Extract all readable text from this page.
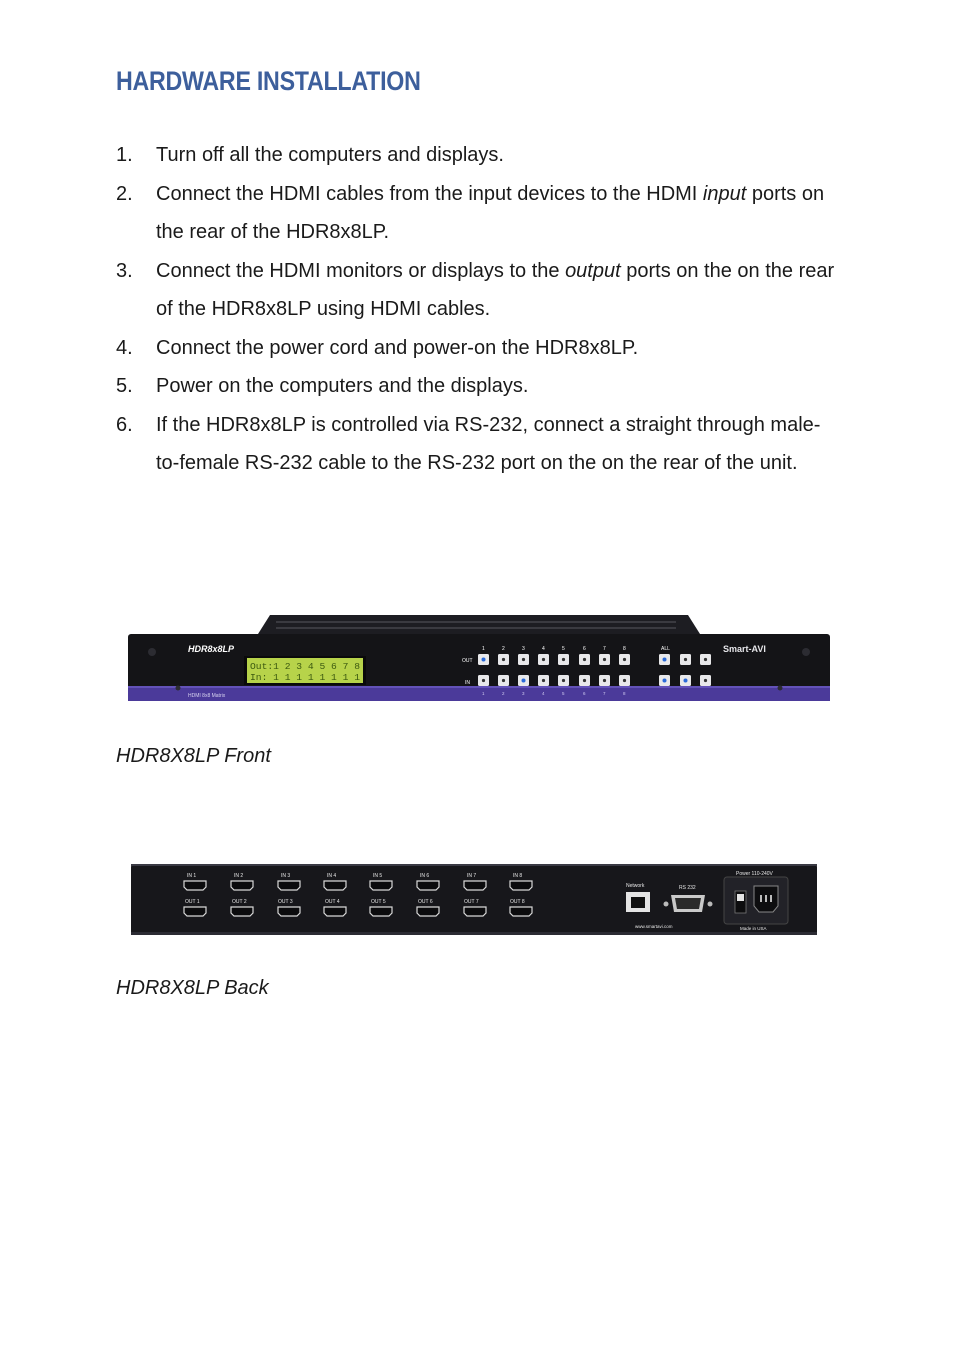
HARDWARE INSTALLATION
1. Turn off all the computers and displays.
2. Connect the HDMI cables from the input devices to the HDMI input ports on the rear of the HDR8x8LP.
3. Connect the HDMI monitors or displays to the output ports on the on the rear of the HDR8x8LP using HDMI cables.
4. Connect the power cord and power-on the HDR8x8LP.
5. Power on the computers and the displays.
6. If the HDR8x8LP is controlled via RS-232, connect a straight through male-to-female RS-232 cable to the RS-232 port on the on the rear of the unit.
HDR8x8LP
HDMI 8x8 Matrix
Out:1 2 3 4 5 6 7 8
In: 1 1 1 1 1 1 1 1
OUT
IN
ALL
1	2	3	4	5	6	7	8
1	2	3	4	5	6	7	8
Smart-AVI

HDR8X8LP Front

IN 1	IN 2	IN 3	IN 4	IN 5	IN 6	IN 7	IN 8
OUT 1	OUT 2	OUT 3	OUT 4	OUT 5	OUT 6	OUT 7	OUT 8
Network	RS 232
www.smartavi.com
Power 110-240V
Made in USA

HDR8X8LP Back
